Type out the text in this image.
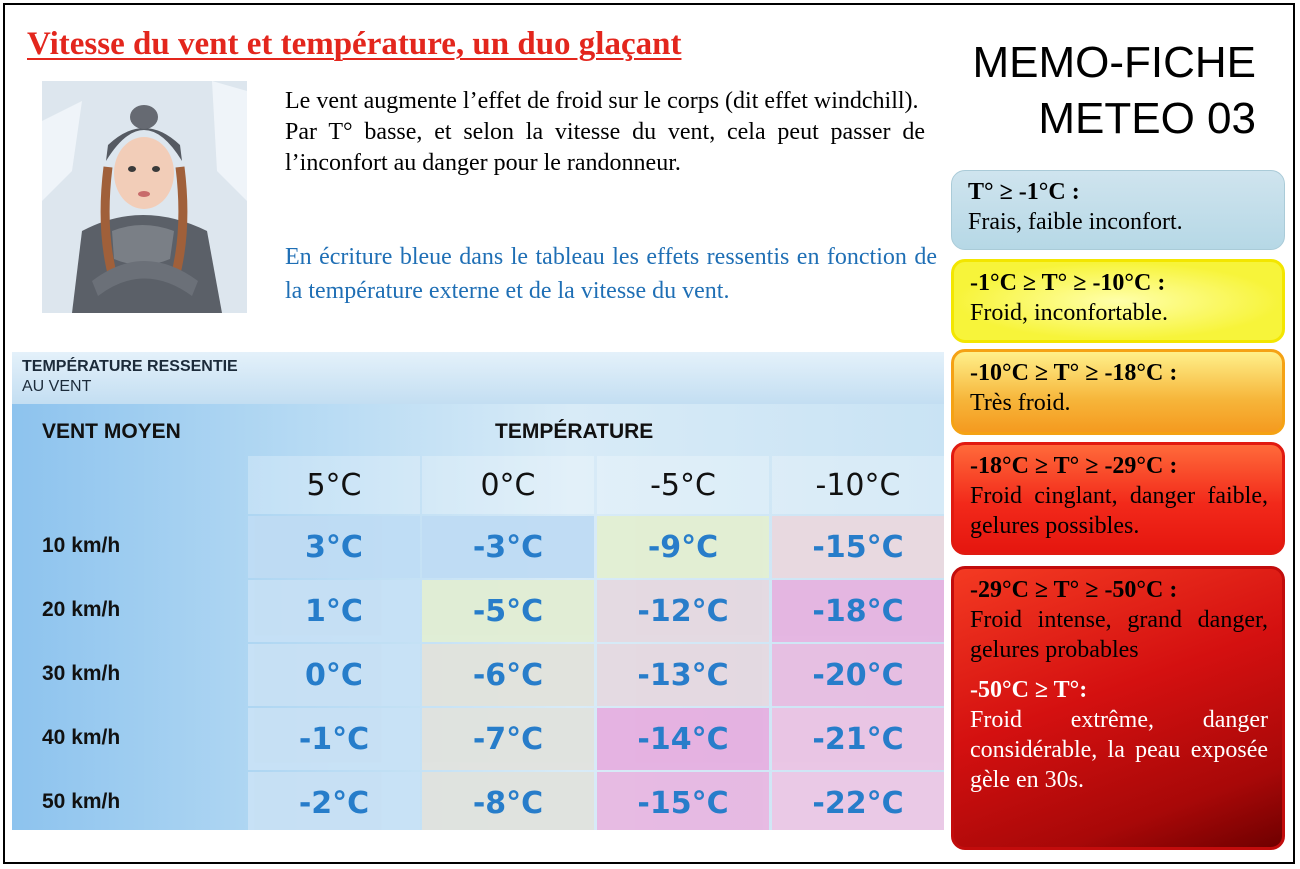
Vitesse du vent et température, un duo glaçant	MEMO-FICHE
METEO 03

Le vent augmente l’effet de froid sur le corps (dit effet windchill).

Par T° basse, et selon la vitesse du vent, cela peut passer de l’inconfort au danger pour le randonneur.

En écriture bleue dans le tableau les effets ressentis en fonction de la température externe et de la vitesse du vent.
TEMPÉRATURE RESSENTIE
AU VENT
VENT MOYEN	TEMPÉRATURE
5°C	0°C	-5°C	-10°C
10 km/h	3°C	-3°C	-9°C	-15°C
20 km/h	1°C	-5°C	-12°C	-18°C
30 km/h	0°C	-6°C	-13°C	-20°C
40 km/h	-1°C	-7°C	-14°C	-21°C
50 km/h	-2°C	-8°C	-15°C	-22°C
T° ≥ -1°C :
Frais, faible inconfort.
-1°C ≥ T° ≥ -10°C :
Froid, inconfortable.
-10°C ≥ T° ≥ -18°C :
Très froid.
-18°C ≥ T° ≥ -29°C :
Froid cinglant, danger faible, gelures possibles.
-29°C ≥ T° ≥ -50°C :
Froid intense, grand danger, gelures probables
-50°C ≥ T°:
Froid extrême, danger considérable, la peau exposée gèle en 30s.
